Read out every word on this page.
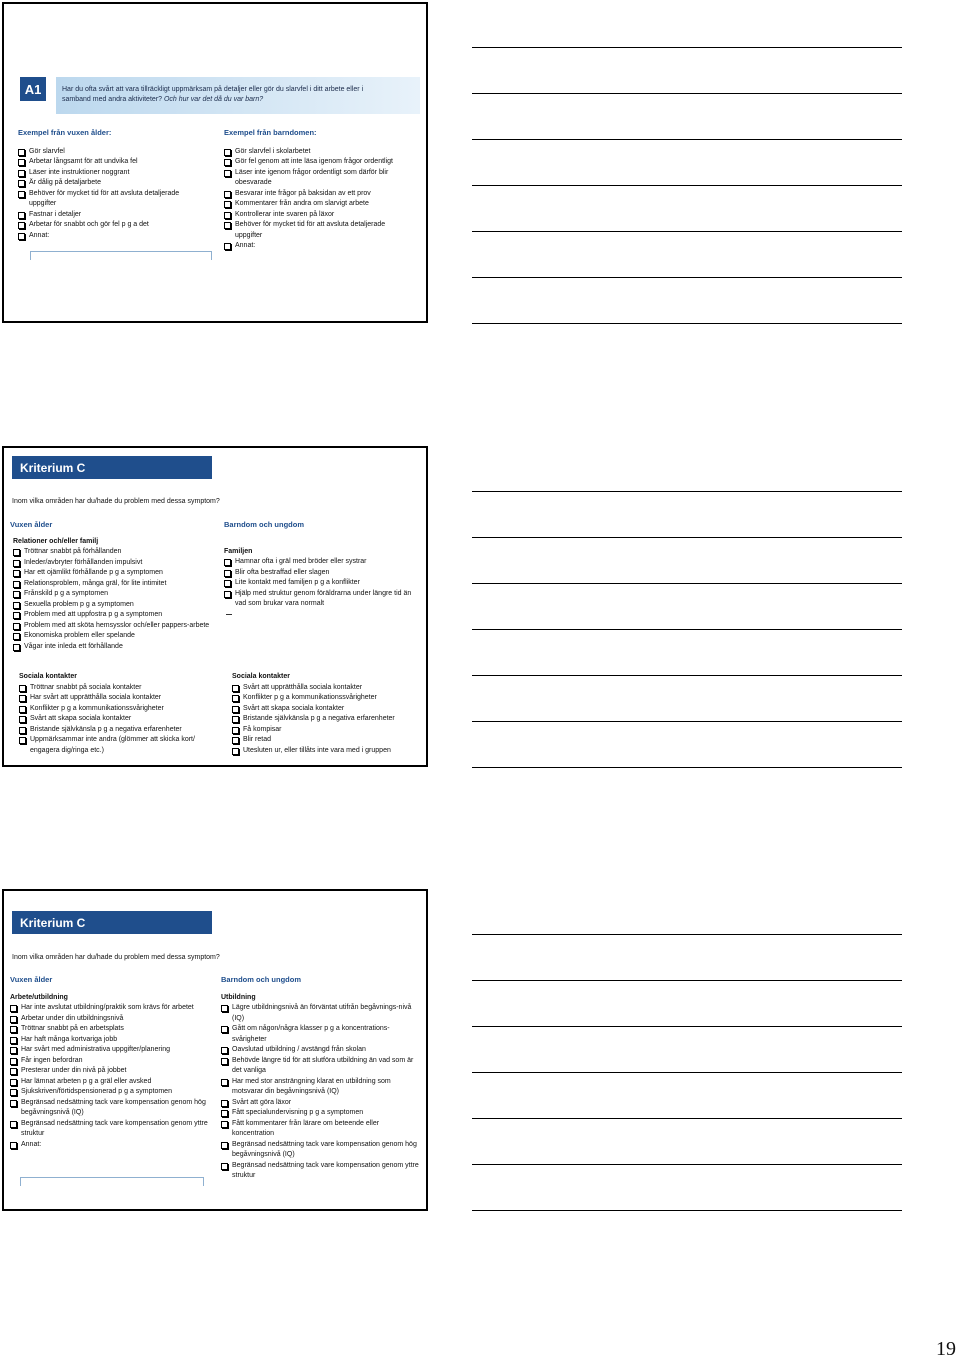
A1	Har du ofta svårt att vara tillräckligt uppmärksam på detaljer eller gör du slarvfel i ditt arbete eller i
samband med andra aktiviteter? Och hur var det då du var barn?
Exempel från vuxen ålder:
Gör slarvfel
Arbetar långsamt för att undvika fel
Läser inte instruktioner noggrant
Är dålig på detaljarbete
Behöver för mycket tid för att avsluta detaljerade uppgifter
Fastnar i detaljer
Arbetar för snabbt och gör fel p g a det
Annat:
Exempel från barndomen:
Gör slarvfel i skolarbetet
Gör fel genom att inte läsa igenom frågor ordentligt
Läser inte igenom frågor ordentligt som därför blir obesvarade
Besvarar inte frågor på baksidan av ett prov
Kommentarer från andra om slarvigt arbete
Kontrollerar inte svaren på läxor
Behöver för mycket tid för att avsluta detaljerade uppgifter
Annat:
Kriterium C
Inom vilka områden har du/hade du problem med dessa symptom?
Vuxen ålder
Relationer och/eller familj
Tröttnar snabbt på förhållanden
Inleder/avbryter förhållanden impulsivt
Har ett ojämlikt förhållande p g a symptomen
Relationsproblem, många gräl, för lite intimitet
Frånskild p g a symptomen
Sexuella problem p g a symptomen
Problem med att uppfostra p g a symptomen
Problem med att sköta hemsysslor och/eller pappers-arbete
Ekonomiska problem eller spelande
Vågar inte inleda ett förhållande
Sociala kontakter
Tröttnar snabbt på sociala kontakter
Har svårt att upprätthålla sociala kontakter
Konflikter p g a kommunikationssvårigheter
Svårt att skapa sociala kontakter
Bristande självkänsla p g a negativa erfarenheter
Uppmärksammar inte andra (glömmer att skicka kort/ engagera dig/ringa etc.)
Barndom och ungdom
Familjen
Hamnar ofta i gräl med bröder eller systrar
Blir ofta bestraffad eller slagen
Lite kontakt med familjen p g a konflikter
Hjälp med struktur genom föräldrarna under längre tid än vad som brukar vara normalt
Sociala kontakter
Svårt att upprätthålla sociala kontakter
Konflikter p g a kommunikationssvårigheter
Svårt att skapa sociala kontakter
Bristande självkänsla p g a negativa erfarenheter
Få kompisar
Blir retad
Utesluten ur, eller tillåts inte vara med i gruppen
Kriterium C
Inom vilka områden har du/hade du problem med dessa symptom?
Vuxen ålder
Arbete/utbildning
Har inte avslutat utbildning/praktik som krävs för arbetet
Arbetar under din utbildningsnivå
Tröttnar snabbt på en arbetsplats
Har haft många kortvariga jobb
Har svårt med administrativa uppgifter/planering
Får ingen befordran
Presterar under din nivå på jobbet
Har lämnat arbeten p g a gräl eller avsked
Sjukskriven/förtidspensionerad p g a symptomen
Begränsad nedsättning tack vare kompensation genom hög begåvningsnivå (IQ)
Begränsad nedsättning tack vare kompensation genom yttre struktur
Annat:
Barndom och ungdom
Utbildning
Lägre utbildningsnivå än förväntat utifrån begåvnings-nivå (IQ)
Gått om någon/några klasser p g a koncentrations-svårigheter
Oavslutad utbildning / avstängd från skolan
Behövde längre tid för att slutföra utbildning än vad som är det vanliga
Har med stor ansträngning klarat en utbildning som motsvarar din begåvningsnivå (IQ)
Svårt att göra läxor
Fått specialundervisning p g a symptomen
Fått kommentarer från lärare om beteende eller koncentration
Begränsad nedsättning tack vare kompensation genom hög begåvningsnivå (IQ)
Begränsad nedsättning tack vare kompensation genom yttre struktur
19
